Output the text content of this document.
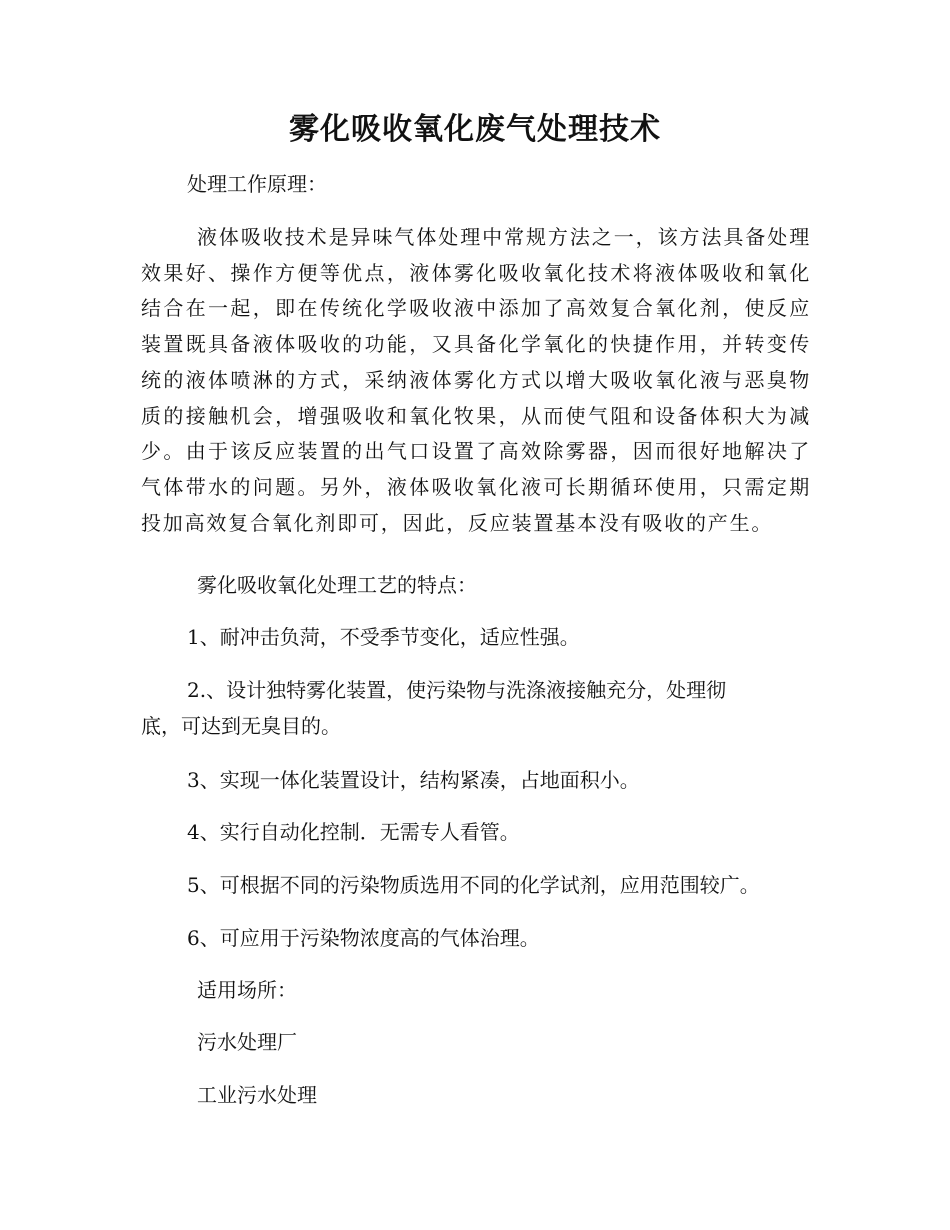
雾化吸收氧化废气处理技术

处理工作原理：

液体吸收技术是异味气体处理中常规方法之一，该方法具备处理效果好、操作方便等优点，液体雾化吸收氧化技术将液体吸收和氧化结合在一起，即在传统化学吸收液中添加了高效复合氧化剂，使反应装置既具备液体吸收的功能，又具备化学氧化的快捷作用，并转变传统的液体喷淋的方式，采纳液体雾化方式以增大吸收氧化液与恶臭物质的接触机会，增强吸收和氧化牧果，从而使气阻和设备体积大为减少。由于该反应装置的出气口设置了高效除雾器，因而很好地解决了气体带水的问题。另外，液体吸收氧化液可长期循环使用，只需定期投加高效复合氧化剂即可，因此，反应装置基本没有吸收的产生。

雾化吸收氧化处理工艺的特点：

1、耐冲击负菏，不受季节变化，适应性强。

2.、设计独特雾化装置，使污染物与洗涤液接触充分，处理彻

底，可达到无臭目的。

3、实现一体化装置设计，结构紧凑，占地面积小。

4、实行自动化控制．无需专人看管。

5、可根据不同的污染物质选用不同的化学试剂，应用范围较广。

6、可应用于污染物浓度高的气体治理。

适用场所：

污水处理厂

工业污水处理
